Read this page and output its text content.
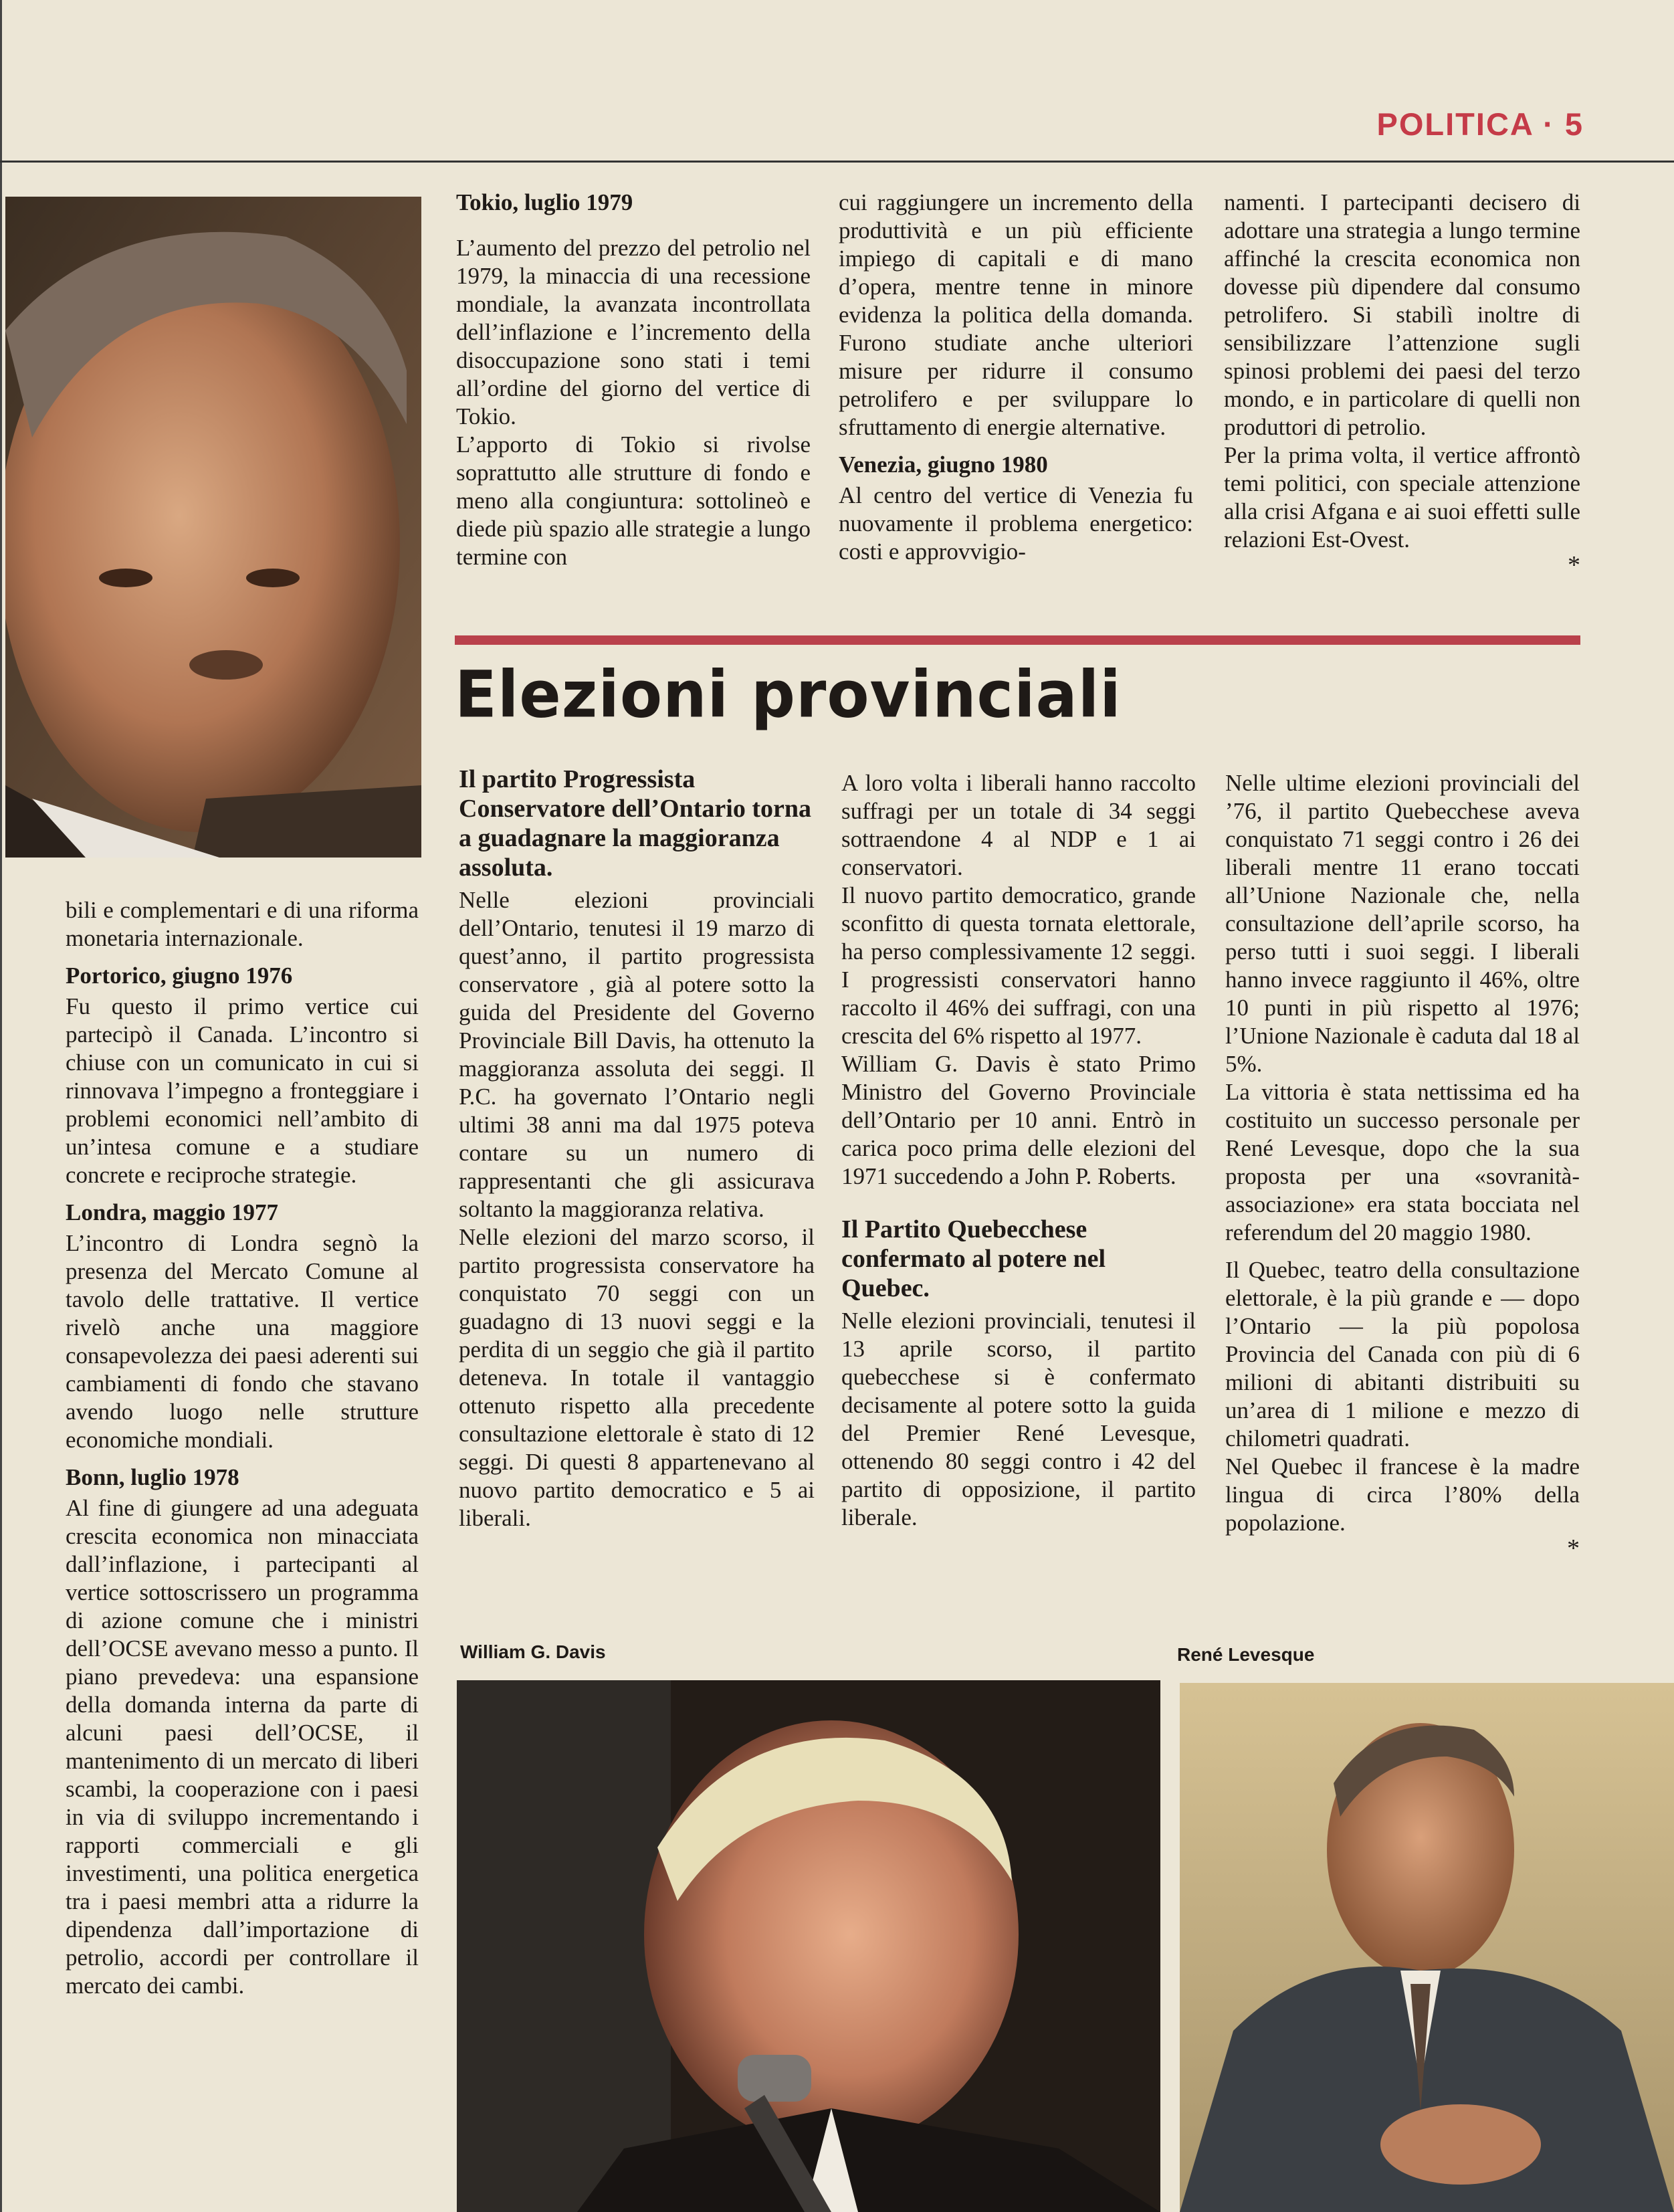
POLITICA · 5
Tokio, luglio 1979

L’aumento del prezzo del petrolio nel 1979, la minaccia di una recessione mondiale, la avanzata incontrollata dell’inflazione e l’incremento della disoccupazione sono stati i temi all’ordine del giorno del vertice di Tokio.

L’apporto di Tokio si rivolse soprattutto alle strutture di fondo e meno alla congiuntura: sottolineò e diede più spazio alle strategie a lungo termine con

cui raggiungere un incremento della produttività e un più efficiente impiego di capitali e di mano d’opera, mentre tenne in minore evidenza la politica della domanda. Furono studiate anche ulteriori misure per ridurre il consumo petrolifero e per sviluppare lo sfruttamento di energie alternative.

Venezia, giugno 1980

Al centro del vertice di Venezia fu nuovamente il problema energetico: costi e approvvigio-

namenti. I partecipanti decisero di adottare una strategia a lungo termine affinché la crescita economica non dovesse più dipendere dal consumo petrolifero. Si stabilì inoltre di sensibilizzare l’attenzione sugli spinosi problemi dei paesi del terzo mondo, e in particolare di quelli non produttori di petrolio.

Per la prima volta, il vertice affrontò temi politici, con speciale attenzione alla crisi Afgana e ai suoi effetti sulle relazioni Est-Ovest.

*

bili e complementari e di una riforma monetaria internazionale.

Portorico, giugno 1976

Fu questo il primo vertice cui partecipò il Canada. L’incontro si chiuse con un comunicato in cui si rinnovava l’impegno a fronteggiare i problemi economici nell’ambito di un’intesa comune e a studiare concrete e reciproche strategie.

Londra, maggio 1977

L’incontro di Londra segnò la presenza del Mercato Comune al tavolo delle trattative. Il vertice rivelò anche una maggiore consapevolezza dei paesi aderenti sui cambiamenti di fondo che stavano avendo luogo nelle strutture economiche mondiali.

Bonn, luglio 1978

Al fine di giungere ad una adeguata crescita economica non minacciata dall’inflazione, i partecipanti al vertice sottoscrissero un programma di azione comune che i ministri dell’OCSE avevano messo a punto. Il piano prevedeva: una espansione della domanda interna da parte di alcuni paesi dell’OCSE, il mantenimento di un mercato di liberi scambi, la cooperazione con i paesi in via di sviluppo incrementando i rapporti commerciali e gli investimenti, una politica energetica tra i paesi membri atta a ridurre la dipendenza dall’importazione di petrolio, accordi per controllare il mercato dei cambi.

Elezioni provinciali
Il partito Progressista Conservatore dell’Ontario torna a guadagnare la maggioranza assoluta.

Nelle elezioni provinciali dell’Ontario, tenutesi il 19 marzo di quest’anno, il partito progressista conservatore , già al potere sotto la guida del Presidente del Governo Provinciale Bill Davis, ha ottenuto la maggioranza assoluta dei seggi. Il P.C. ha governato l’Ontario negli ultimi 38 anni ma dal 1975 poteva contare su un numero di rappresentanti che gli assicurava soltanto la maggioranza relativa.

Nelle elezioni del marzo scorso, il partito progressista conservatore ha conquistato 70 seggi con un guadagno di 13 nuovi seggi e la perdita di un seggio che già il partito deteneva. In totale il vantaggio ottenuto rispetto alla precedente consultazione elettorale è stato di 12 seggi. Di questi 8 appartenevano al nuovo partito democratico e 5 ai liberali.

A loro volta i liberali hanno raccolto suffragi per un totale di 34 seggi sottraendone 4 al NDP e 1 ai conservatori.

Il nuovo partito democratico, grande sconfitto di questa tornata elettorale, ha perso complessivamente 12 seggi. I progressisti conservatori hanno raccolto il 46% dei suffragi, con una crescita del 6% rispetto al 1977.

William G. Davis è stato Primo Ministro del Governo Provinciale dell’Ontario per 10 anni. Entrò in carica poco prima delle elezioni del 1971 succedendo a John P. Roberts.

Il Partito Quebecchese confermato al potere nel Quebec.

Nelle elezioni provinciali, tenutesi il 13 aprile scorso, il partito quebecchese si è confermato decisamente al potere sotto la guida del Premier René Levesque, ottenendo 80 seggi contro i 42 del partito di opposizione, il partito liberale.

Nelle ultime elezioni provinciali del ’76, il partito Quebecchese aveva conquistato 71 seggi contro i 26 dei liberali mentre 11 erano toccati all’Unione Nazionale che, nella consultazione dell’aprile scorso, ha perso tutti i suoi seggi. I liberali hanno invece raggiunto il 46%, oltre 10 punti in più rispetto al 1976; l’Unione Nazionale è caduta dal 18 al 5%.

La vittoria è stata nettissima ed ha costituito un successo personale per René Levesque, dopo che la sua proposta per una «sovranità-associazione» era stata bocciata nel referendum del 20 maggio 1980.

Il Quebec, teatro della consultazione elettorale, è la più grande e — dopo l’Ontario — la più popolosa Provincia del Canada con più di 6 milioni di abitanti distribuiti su un’area di 1 milione e mezzo di chilometri quadrati.

Nel Quebec il francese è la madre lingua di circa l’80% della popolazione.

*
William G. Davis	René Levesque
